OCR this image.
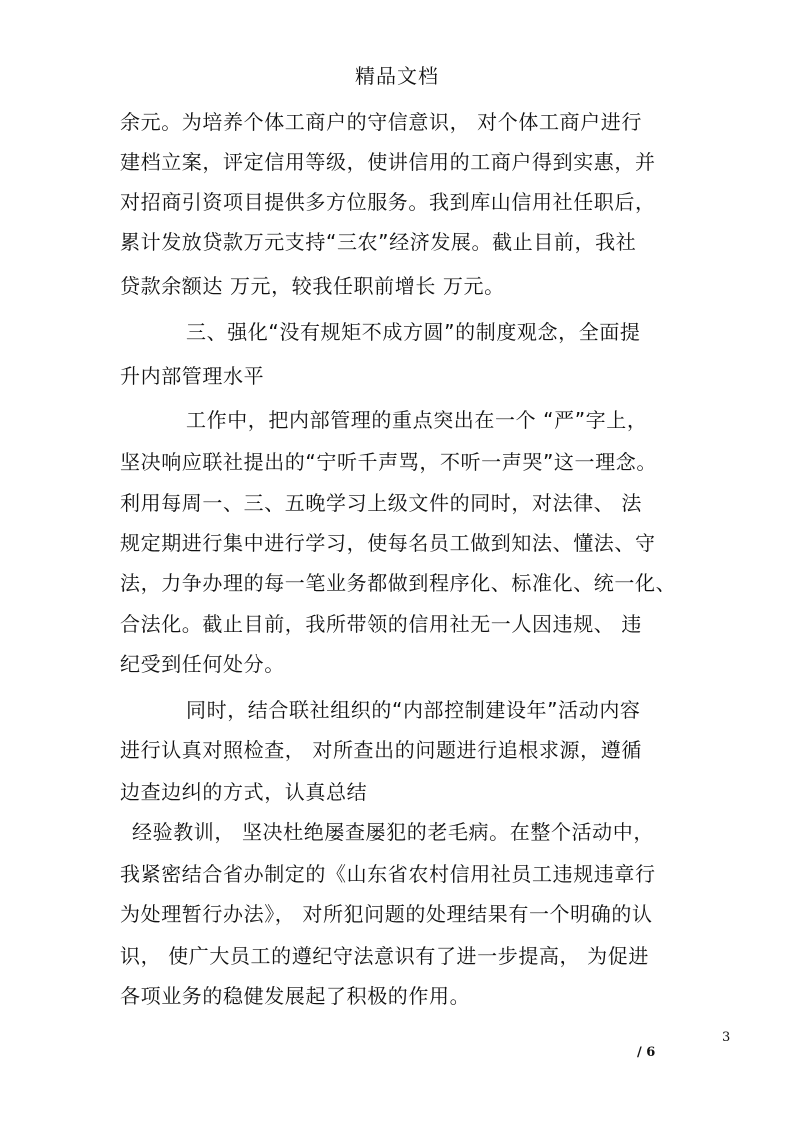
精品文档
余元。为培养个体工商户的守信意识， 对个体工商户进行
建档立案，评定信用等级，使讲信用的工商户得到实惠，并
对招商引资项目提供多方位服务。我到库山信用社任职后，
累计发放贷款万元支持“三农”经济发展。截止目前，我社
贷款余额达 万元，较我任职前增长 万元。
三、强化“没有规矩不成方圆”的制度观念，全面提
升内部管理水平
工作中，把内部管理的重点突出在一个 “严”字上，
坚决响应联社提出的“宁听千声骂，不听一声哭”这一理念。
利用每周一、三、五晚学习上级文件的同时，对法律、 法
规定期进行集中进行学习，使每名员工做到知法、懂法、守
法，力争办理的每一笔业务都做到程序化、标准化、统一化、
合法化。截止目前，我所带领的信用社无一人因违规、 违
纪受到任何处分。
同时，结合联社组织的“内部控制建设年”活动内容
进行认真对照检查， 对所查出的问题进行追根求源，遵循
边查边纠的方式，认真总结
经验教训， 坚决杜绝屡查屡犯的老毛病。在整个活动中，
我紧密结合省办制定的《山东省农村信用社员工违规违章行
为处理暂行办法》， 对所犯问题的处理结果有一个明确的认
识， 使广大员工的遵纪守法意识有了进一步提高， 为促进
各项业务的稳健发展起了积极的作用。
3
/ 6
